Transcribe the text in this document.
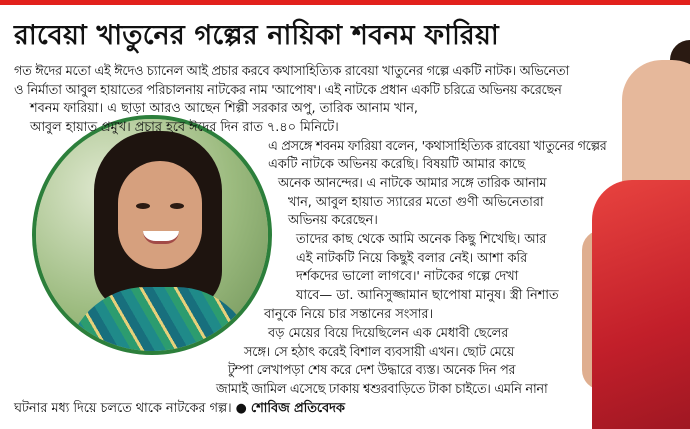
রাবেয়া খাতুনের গল্পের নায়িকা শবনম ফারিয়া
গত ঈদের মতো এই ঈদেও চ্যানেল আই প্রচার করবে কথাসাহিত্যিক রাবেয়া খাতুনের গল্পে একটি নাটক। অভিনেতা
ও নির্মাতা আবুল হায়াতের পরিচালনায় নাটকের নাম 'আপোষ'। এই নাটকে প্রধান একটি চরিত্রে অভিনয় করেছেন
শবনম ফারিয়া। এ ছাড়া আরও আছেন শিল্পী সরকার অপু, তারিক আনাম খান,
আবুল হায়াত প্রমুখ। প্রচার হবে ঈদের দিন রাত ৭.৪০ মিনিটে।
এ প্রসঙ্গে শবনম ফারিয়া বলেন, 'কথাসাহিত্যিক রাবেয়া খাতুনের গল্পের
একটি নাটকে অভিনয় করেছি। বিষয়টি আমার কাছে
অনেক আনন্দের। এ নাটকে আমার সঙ্গে তারিক আনাম
খান, আবুল হায়াত স্যারের মতো গুণী অভিনেতারা
অভিনয় করেছেন।
তাদের কাছ থেকে আমি অনেক কিছু শিখেছি। আর
এই নাটকটি নিয়ে কিছুই বলার নেই। আশা করি
দর্শকদের ভালো লাগবে।' নাটকের গল্পে দেখা
যাবে— ডা. আনিসুজ্জামান ছাপোষা মানুষ। স্ত্রী নিশাত
বানুকে নিয়ে চার সন্তানের সংসার।
বড় মেয়ের বিয়ে দিয়েছিলেন এক মেধাবী ছেলের
সঙ্গে। সে হঠাৎ করেই বিশাল ব্যবসায়ী এখন। ছোট মেয়ে
টুম্পা লেখাপড়া শেষ করে দেশ উদ্ধারে ব্যস্ত। অনেক দিন পর
জামাই জামিল এসেছে ঢাকায় শ্বশুরবাড়িতে টাকা চাইতে। এমনি নানা
ঘটনার মধ্য দিয়ে চলতে থাকে নাটকের গল্প। ● শোবিজ প্রতিবেদক
